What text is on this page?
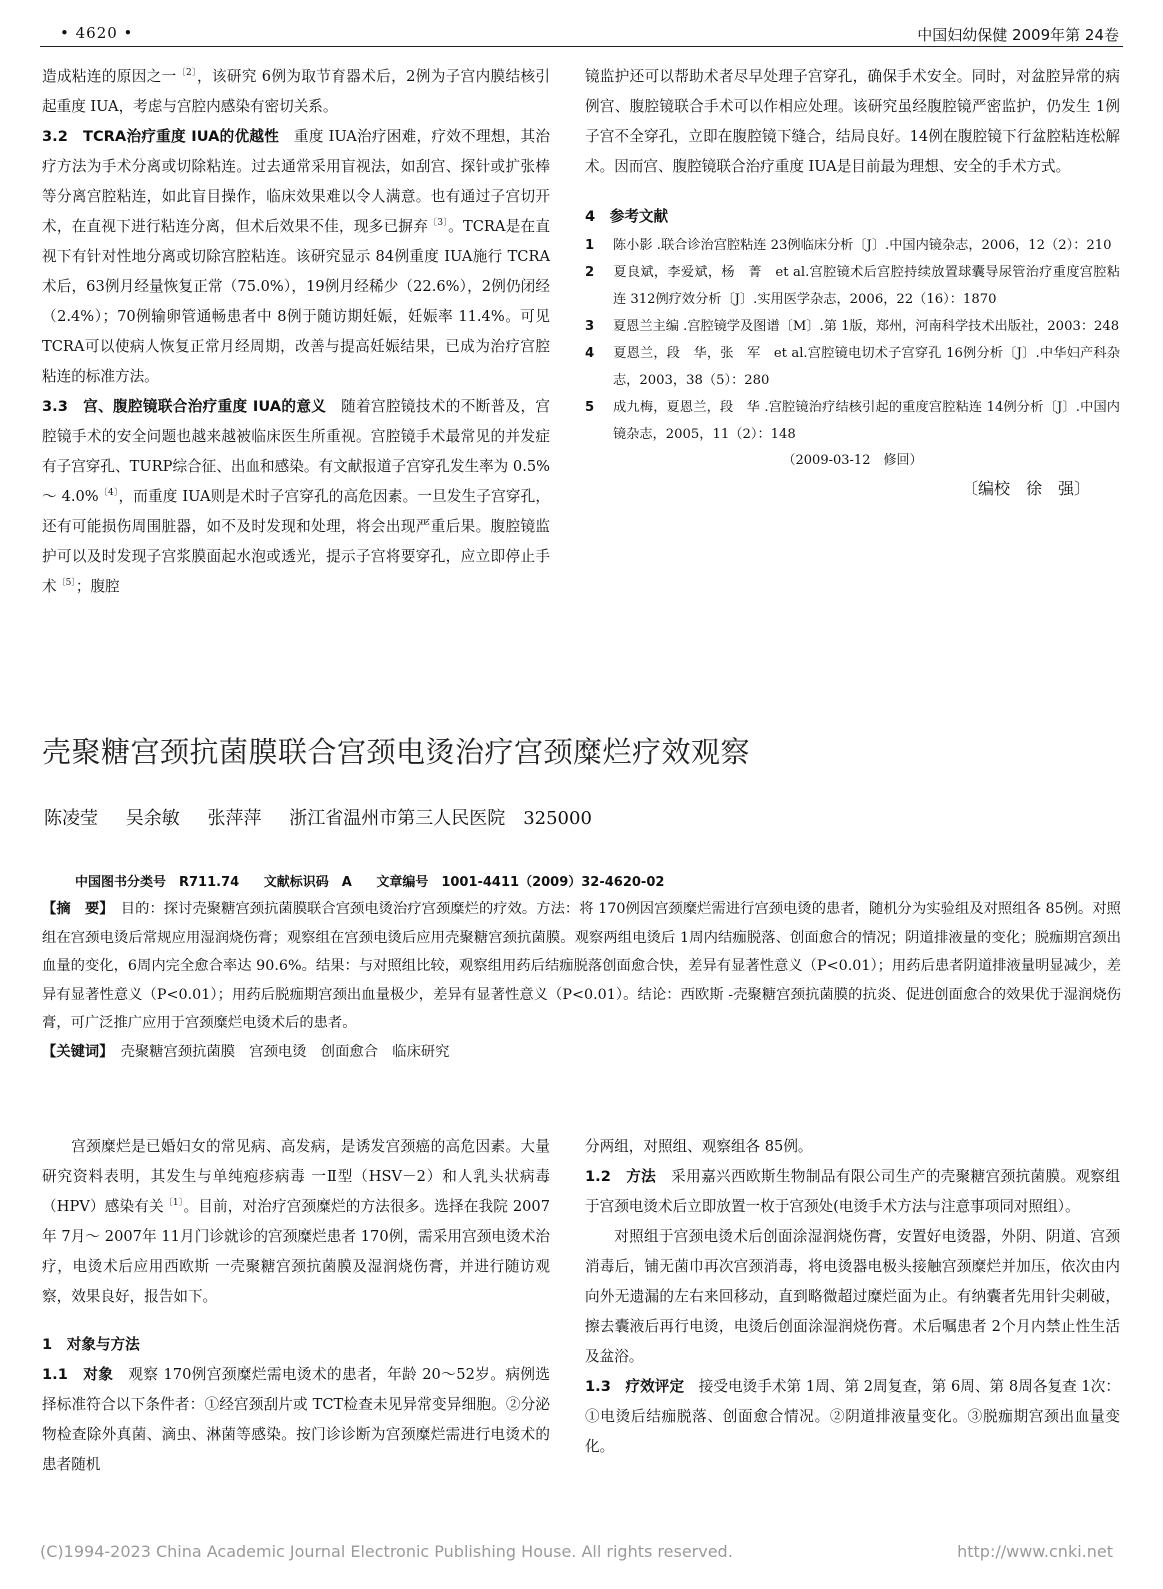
• 4620 •	中国妇幼保健 2009年第 24卷

造成粘连的原因之一$^{〔2〕}$，该研究 6例为取节育器术后，2例为子宫内膜结核引起重度 IUA，考虑与宫腔内感染有密切关系。

3.2　TCRA治疗重度 IUA的优越性　重度 IUA治疗困难，疗效不理想，其治疗方法为手术分离或切除粘连。过去通常采用盲视法，如刮宫、探针或扩张棒等分离宫腔粘连，如此盲目操作，临床效果难以令人满意。也有通过子宫切开术，在直视下进行粘连分离，但术后效果不佳，现多已摒弃$^{〔3〕}$。TCRA是在直视下有针对性地分离或切除宫腔粘连。该研究显示 84例重度 IUA施行 TCRA术后，63例月经量恢复正常（75.0%），19例月经稀少（22.6%），2例仍闭经（2.4%）；70例输卵管通畅患者中 8例于随访期妊娠，妊娠率 11.4%。可见 TCRA可以使病人恢复正常月经周期，改善与提高妊娠结果，已成为治疗宫腔粘连的标准方法。

3.3　宫、腹腔镜联合治疗重度 IUA的意义　随着宫腔镜技术的不断普及，宫腔镜手术的安全问题也越来越被临床医生所重视。宫腔镜手术最常见的并发症有子宫穿孔、TURP综合征、出血和感染。有文献报道子宫穿孔发生率为 0.5% ～ 4.0%$^{〔4〕}$，而重度 IUA则是术时子宫穿孔的高危因素。一旦发生子宫穿孔，还有可能损伤周围脏器，如不及时发现和处理，将会出现严重后果。腹腔镜监护可以及时发现子宫浆膜面起水泡或透光，提示子宫将要穿孔，应立即停止手术$^{〔5〕}$；腹腔

镜监护还可以帮助术者尽早处理子宫穿孔，确保手术安全。同时，对盆腔异常的病例宫、腹腔镜联合手术可以作相应处理。该研究虽经腹腔镜严密监护，仍发生 1例子宫不全穿孔，立即在腹腔镜下缝合，结局良好。14例在腹腔镜下行盆腔粘连松解术。因而宫、腹腔镜联合治疗重度 IUA是目前最为理想、安全的手术方式。

4　参考文献

1 陈小影 .联合诊治宫腔粘连 23例临床分析〔J〕.中国内镜杂志，2006，12（2）：210

2 夏良斌，李爱斌，杨　菁　et al.宫腔镜术后宫腔持续放置球囊导尿管治疗重度宫腔粘连 312例疗效分析〔J〕.实用医学杂志，2006，22（16）：1870

3 夏恩兰主编 .宫腔镜学及图谱〔M〕.第 1版，郑州，河南科学技术出版社，2003：248

4 夏恩兰，段　华，张　军　et al.宫腔镜电切术子宫穿孔 16例分析〔J〕.中华妇产科杂志，2003，38（5）：280

5 成九梅，夏恩兰，段　华 .宫腔镜治疗结核引起的重度宫腔粘连 14例分析〔J〕.中国内镜杂志，2005，11（2）：148

（2009-03-12　修回）

〔编校　徐　强〕

壳聚糖宫颈抗菌膜联合宫颈电烫治疗宫颈糜烂疗效观察
陈凌莹 吴余敏 张萍萍 浙江省温州市第三人民医院　325000
中国图书分类号　R711.74 文献标识码　A 文章编号　1001-4411（2009）32-4620-02

【摘　要】　目的：探讨壳聚糖宫颈抗菌膜联合宫颈电烫治疗宫颈糜烂的疗效。方法：将 170例因宫颈糜烂需进行宫颈电烫的患者，随机分为实验组及对照组各 85例。对照组在宫颈电烫后常规应用湿润烧伤膏；观察组在宫颈电烫后应用壳聚糖宫颈抗菌膜。观察两组电烫后 1周内结痂脱落、创面愈合的情况；阴道排液量的变化；脱痂期宫颈出血量的变化，6周内完全愈合率达 90.6%。结果：与对照组比较，观察组用药后结痂脱落创面愈合快，差异有显著性意义（P<0.01）；用药后患者阴道排液量明显减少，差异有显著性意义（P<0.01）；用药后脱痂期宫颈出血量极少，差异有显著性意义（P<0.01）。结论：西欧斯 -壳聚糖宫颈抗菌膜的抗炎、促进创面愈合的效果优于湿润烧伤膏，可广泛推广应用于宫颈糜烂电烫术后的患者。

【关键词】　壳聚糖宫颈抗菌膜　宫颈电烫　创面愈合　临床研究

宫颈糜烂是已婚妇女的常见病、高发病，是诱发宫颈癌的高危因素。大量研究资料表明，其发生与单纯疱疹病毒 一Ⅱ型（HSV－2）和人乳头状病毒（HPV）感染有关$^{〔1〕}$。目前，对治疗宫颈糜烂的方法很多。选择在我院 2007年 7月～ 2007年 11月门诊就诊的宫颈糜烂患者 170例，需采用宫颈电烫术治疗，电烫术后应用西欧斯 一壳聚糖宫颈抗菌膜及湿润烧伤膏，并进行随访观察，效果良好，报告如下。

1　对象与方法

1.1　对象　观察 170例宫颈糜烂需电烫术的患者，年龄 20～52岁。病例选择标准符合以下条件者：①经宫颈刮片或 TCT检查未见异常变异细胞。②分泌物检查除外真菌、滴虫、淋菌等感染。按门诊诊断为宫颈糜烂需进行电烫术的患者随机

分两组，对照组、观察组各 85例。

1.2　方法　采用嘉兴西欧斯生物制品有限公司生产的壳聚糖宫颈抗菌膜。观察组于宫颈电烫术后立即放置一枚于宫颈处(电烫手术方法与注意事项同对照组）。

对照组于宫颈电烫术后创面涂湿润烧伤膏，安置好电烫器，外阴、阴道、宫颈消毒后，铺无菌巾再次宫颈消毒，将电烫器电极头接触宫颈糜烂并加压，依次由内向外无遗漏的左右来回移动，直到略微超过糜烂面为止。有纳囊者先用针尖刺破，擦去囊液后再行电烫，电烫后创面涂湿润烧伤膏。术后嘱患者 2个月内禁止性生活及盆浴。

1.3　疗效评定　接受电烫手术第 1周、第 2周复查，第 6周、第 8周各复查 1次：①电烫后结痂脱落、创面愈合情况。②阴道排液量变化。③脱痂期宫颈出血量变化。

(C)1994-2023 China Academic Journal Electronic Publishing House. All rights reserved.	http://www.cnki.net
